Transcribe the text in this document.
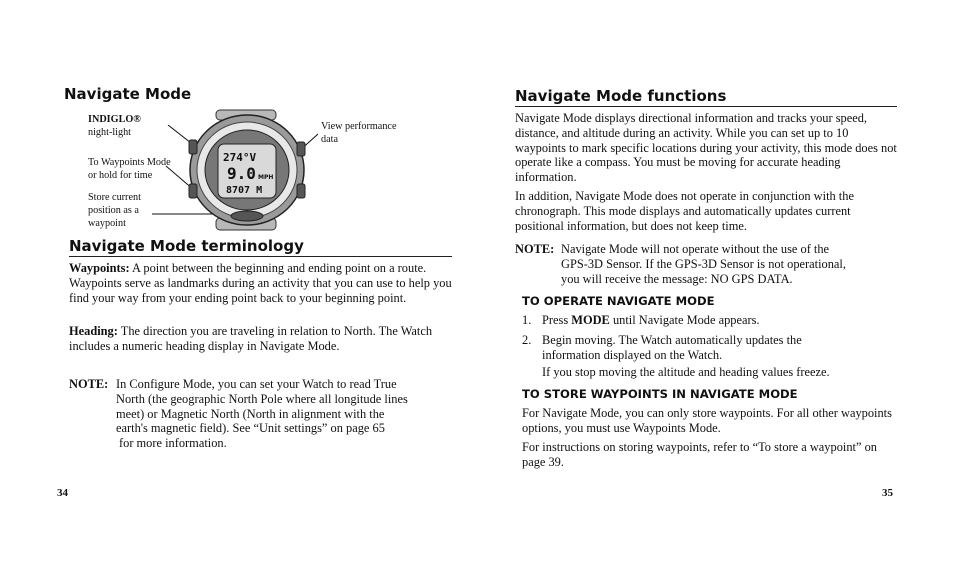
Navigate Mode
INDIGLO®
night-light
To Waypoints Mode
or hold for time
Store current
position as a
waypoint
View performance
data
274°V
9.0 MPH
8707 M
Navigate Mode terminology

Waypoints: A point between the beginning and ending point on a route. Waypoints serve as landmarks during an activity that you can use to help you find your way from your ending point back to your beginning point.

Heading: The direction you are traveling in relation to North. The Watch includes a numeric heading display in Navigate Mode.

NOTE: In Configure Mode, you can set your Watch to read True
North (the geographic North Pole where all longitude lines
meet) or Magnetic North (North in alignment with the
earth's magnetic field). See “Unit settings” on page 65
for more information.
34
Navigate Mode functions
Navigate Mode displays directional information and tracks your speed, distance, and altitude during an activity. While you can set up to 10 waypoints to mark specific locations during your activity, this mode does not operate like a compass. You must be moving for accurate heading information.
In addition, Navigate Mode does not operate in conjunction with the chronograph. This mode displays and automatically updates current positional information, but does not keep time.
NOTE: Navigate Mode will not operate without the use of the
GPS-3D Sensor. If the GPS-3D Sensor is not operational,
you will receive the message: NO GPS DATA.
TO OPERATE NAVIGATE MODE
1. Press MODE until Navigate Mode appears.
2. Begin moving. The Watch automatically updates the
information displayed on the Watch.
If you stop moving the altitude and heading values freeze.
TO STORE WAYPOINTS IN NAVIGATE MODE
For Navigate Mode, you can only store waypoints. For all other waypoints options, you must use Waypoints Mode.
For instructions on storing waypoints, refer to “To store a waypoint” on page 39.
35
